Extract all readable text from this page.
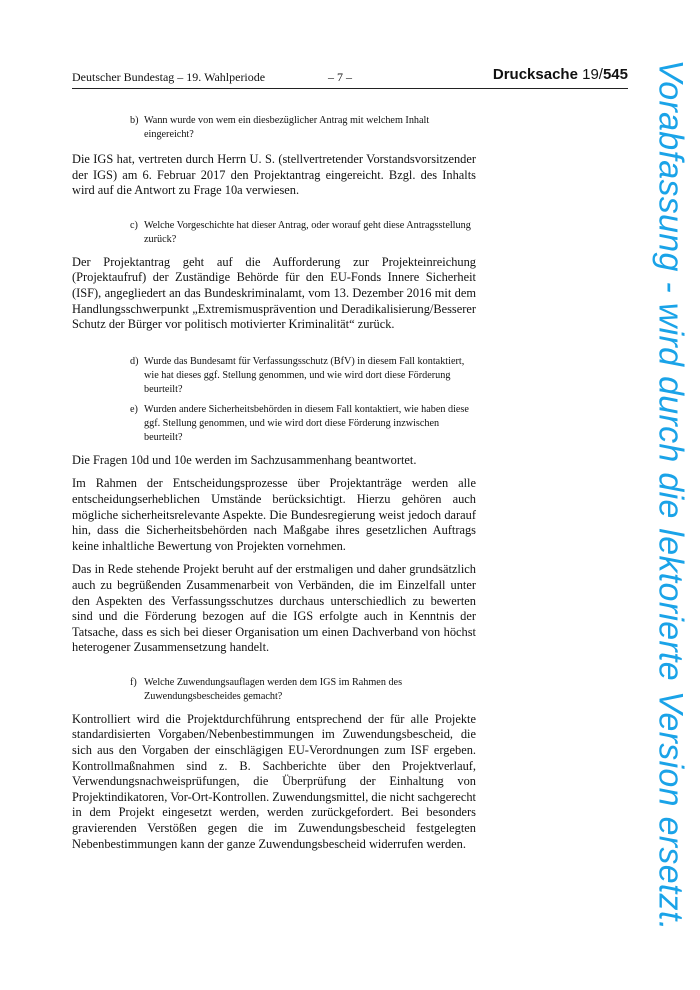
Deutscher Bundestag – 19. Wahlperiode	– 7 –	Drucksache 19/545
b) Wann wurde von wem ein diesbezüglicher Antrag mit welchem Inhalt eingereicht?

Die IGS hat, vertreten durch Herrn U. S. (stellvertretender Vorstandsvorsitzender der IGS) am 6. Februar 2017 den Projektantrag eingereicht. Bzgl. des Inhalts wird auf die Antwort zu Frage 10a verwiesen.

c) Welche Vorgeschichte hat dieser Antrag, oder worauf geht diese Antragsstellung zurück?

Der Projektantrag geht auf die Aufforderung zur Projekteinreichung (Projektaufruf) der Zuständige Behörde für den EU-Fonds Innere Sicherheit (ISF), angegliedert an das Bundeskriminalamt, vom 13. Dezember 2016 mit dem Handlungsschwerpunkt „Extremismusprävention und Deradikalisierung/Besserer Schutz der Bürger vor politisch motivierter Kriminalität“ zurück.

d) Wurde das Bundesamt für Verfassungsschutz (BfV) in diesem Fall kontaktiert, wie hat dieses ggf. Stellung genommen, und wie wird dort diese Förderung beurteilt?
e) Wurden andere Sicherheitsbehörden in diesem Fall kontaktiert, wie haben diese ggf. Stellung genommen, und wie wird dort diese Förderung inzwischen beurteilt?

Die Fragen 10d und 10e werden im Sachzusammenhang beantwortet.

Im Rahmen der Entscheidungsprozesse über Projektanträge werden alle entscheidungserheblichen Umstände berücksichtigt. Hierzu gehören auch mögliche sicherheitsrelevante Aspekte. Die Bundesregierung weist jedoch darauf hin, dass die Sicherheitsbehörden nach Maßgabe ihres gesetzlichen Auftrags keine inhaltliche Bewertung von Projekten vornehmen.

Das in Rede stehende Projekt beruht auf der erstmaligen und daher grundsätzlich auch zu begrüßenden Zusammenarbeit von Verbänden, die im Einzelfall unter den Aspekten des Verfassungsschutzes durchaus unterschiedlich zu bewerten sind und die Förderung bezogen auf die IGS erfolgte auch in Kenntnis der Tatsache, dass es sich bei dieser Organisation um einen Dachverband von höchst heterogener Zusammensetzung handelt.

f) Welche Zuwendungsauflagen werden dem IGS im Rahmen des Zuwendungsbescheides gemacht?

Kontrolliert wird die Projektdurchführung entsprechend der für alle Projekte standardisierten Vorgaben/Nebenbestimmungen im Zuwendungsbescheid, die sich aus den Vorgaben der einschlägigen EU-Verordnungen zum ISF ergeben. Kontrollmaßnahmen sind z. B. Sachberichte über den Projektverlauf, Verwendungsnachweisprüfungen, die Überprüfung der Einhaltung von Projektindikatoren, Vor-Ort-Kontrollen. Zuwendungsmittel, die nicht sachgerecht in dem Projekt eingesetzt werden, werden zurückgefordert. Bei besonders gravierenden Verstößen gegen die im Zuwendungsbescheid festgelegten Nebenbestimmungen kann der ganze Zuwendungsbescheid widerrufen werden.	Vorabfassung - wird durch die lektorierte Version ersetzt.
